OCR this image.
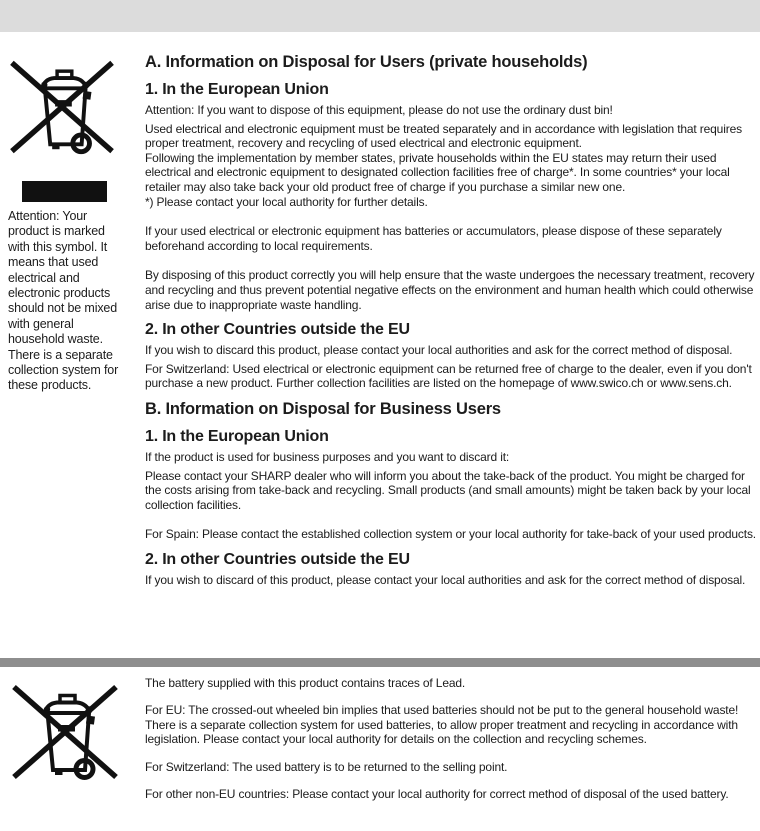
Attention: Your product is marked with this symbol. It means that used electrical and electronic products should not be mixed with general household waste. There is a separate collection system for these products.
A. Information on Disposal for Users (private households)
1. In the European Union
Attention: If you want to dispose of this equipment, please do not use the ordinary dust bin!
Used electrical and electronic equipment must be treated separately and in accordance with legislation that requires proper treatment, recovery and recycling of used electrical and electronic equipment.
Following the implementation by member states, private households within the EU states may return their used electrical and electronic equipment to designated collection facilities free of charge*. In some countries* your local retailer may also take back your old product free of charge if you purchase a similar new one.
*) Please contact your local authority for further details.
If your used electrical or electronic equipment has batteries or accumulators, please dispose of these separately beforehand according to local requirements.
By disposing of this product correctly you will help ensure that the waste undergoes the necessary treatment, recovery and recycling and thus prevent potential negative effects on the environment and human health which could otherwise arise due to inappropriate waste handling.
2. In other Countries outside the EU
If you wish to discard this product, please contact your local authorities and ask for the correct method of disposal.
For Switzerland: Used electrical or electronic equipment can be returned free of charge to the dealer, even if you don't purchase a new product. Further collection facilities are listed on the homepage of www.swico.ch or www.sens.ch.
B. Information on Disposal for Business Users
1. In the European Union
If the product is used for business purposes and you want to discard it:
Please contact your SHARP dealer who will inform you about the take-back of the product. You might be charged for the costs arising from take-back and recycling. Small products (and small amounts) might be taken back by your local collection facilities.
For Spain: Please contact the established collection system or your local authority for take-back of your used products.
2. In other Countries outside the EU
If you wish to discard of this product, please contact your local authorities and ask for the correct method of disposal.
The battery supplied with this product contains traces of Lead.
For EU: The crossed-out wheeled bin implies that used batteries should not be put to the general household waste! There is a separate collection system for used batteries, to allow proper treatment and recycling in accordance with legislation. Please contact your local authority for details on the collection and recycling schemes.
For Switzerland: The used battery is to be returned to the selling point.
For other non-EU countries: Please contact your local authority for correct method of disposal of the used battery.
